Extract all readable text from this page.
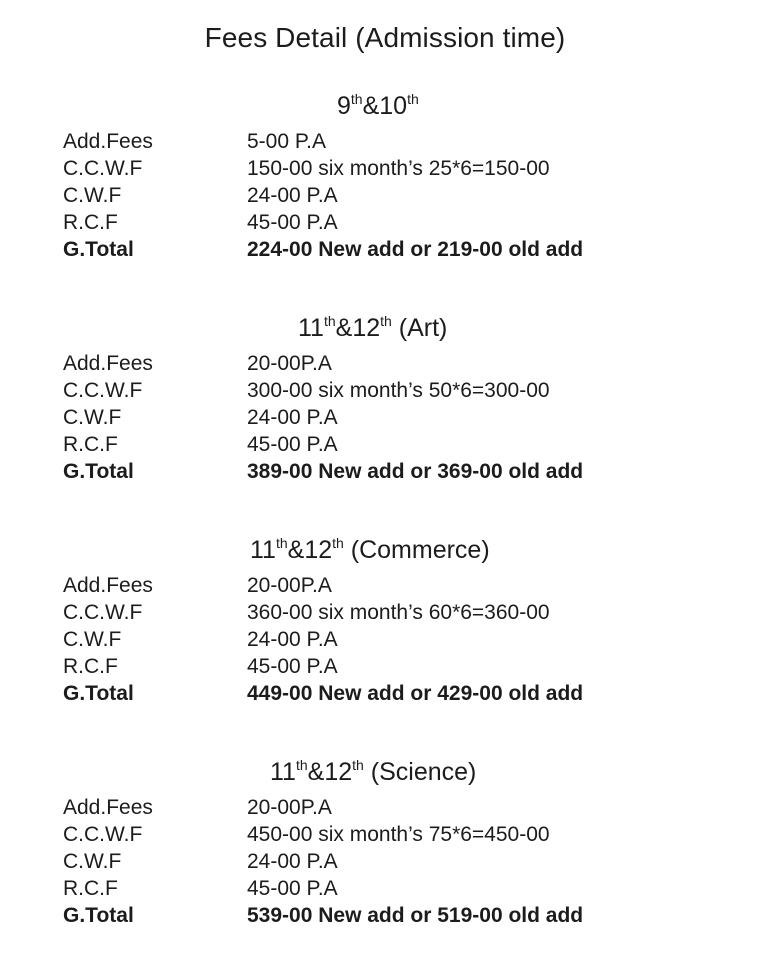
Fees Detail (Admission time)
9th&10th
Add.Fees	5-00 P.A
C.C.W.F	150-00 six month’s 25*6=150-00
C.W.F	24-00 P.A
R.C.F	45-00 P.A
G.Total	224-00 New add or 219-00 old add
11th&12th (Art)
Add.Fees	20-00P.A
C.C.W.F	300-00 six month’s 50*6=300-00
C.W.F	24-00 P.A
R.C.F	45-00 P.A
G.Total	389-00 New add or 369-00 old add
11th&12th (Commerce)
Add.Fees	20-00P.A
C.C.W.F	360-00 six month’s 60*6=360-00
C.W.F	24-00 P.A
R.C.F	45-00 P.A
G.Total	449-00 New add or 429-00 old add
11th&12th (Science)
Add.Fees	20-00P.A
C.C.W.F	450-00 six month’s 75*6=450-00
C.W.F	24-00 P.A
R.C.F	45-00 P.A
G.Total	539-00 New add or 519-00 old add
